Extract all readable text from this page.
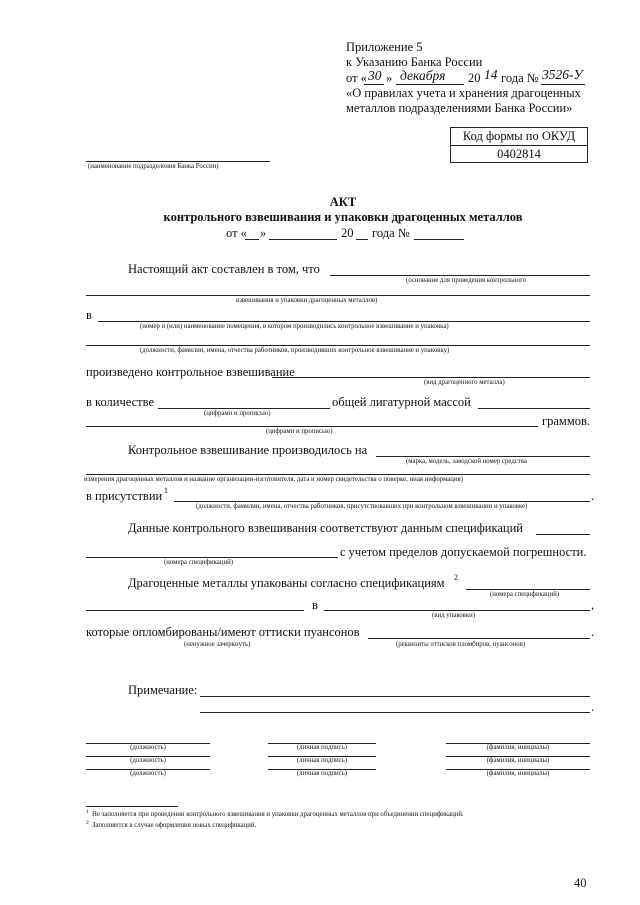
Приложение 5
к Указанию Банка России
от « 30 » декабря 20 14 года № 3526-У
«О правилах учета и хранения драгоценных
металлов подразделениями Банка России»
Код формы по ОКУД
0402814
(наименование подразделения Банка России)
АКТ
контрольного взвешивания и упаковки драгоценных металлов
от « »	20 года №
Настоящий акт составлен в том, что
(основание для проведения контрольного
взвешивания и упаковки драгоценных металлов)
в
(номер и (или) наименование помещения, в котором производились контрольное взвешивание и упаковка)
(должности, фамилии, имена, отчества работников, производивших контрольное взвешивание и упаковку)
произведено контрольное взвешивание
(вид драгоценного металла)
в количестве
(цифрами и прописью)
общей лигатурной массой
(цифрами и прописью)
граммов.
Контрольное взвешивание производилось на
(марка, модель, заводской номер средства
измерения драгоценных металлов и название организации-изготовителя, дата и номер свидетельства о поверке, иная информация)
в присутствии 1	.
(должности, фамилии, имена, отчества работников, присутствовавших при контрольном взвешивании и упаковке)
Данные контрольного взвешивания соответствуют данным спецификаций
(номера спецификаций)
с учетом пределов допускаемой погрешности.
Драгоценные металлы упакованы согласно спецификациям 2
(номера спецификаций)
в	,
(вид упаковки)
которые опломбированы/имеют оттиски пуансонов	.
(ненужное зачеркнуть)	(реквизиты оттисков пломбиров, пуансонов)
Примечание:
.
(должность)	(личная подпись)	(фамилия, инициалы)
(должность)	(личная подпись)	(фамилия, инициалы)
(должность)	(личная подпись)	(фамилия, инициалы)
1 Не заполняется при проведении контрольного взвешивания и упаковки драгоценных металлов при объединении спецификаций.
2 Заполняется в случае оформления новых спецификаций.
40
